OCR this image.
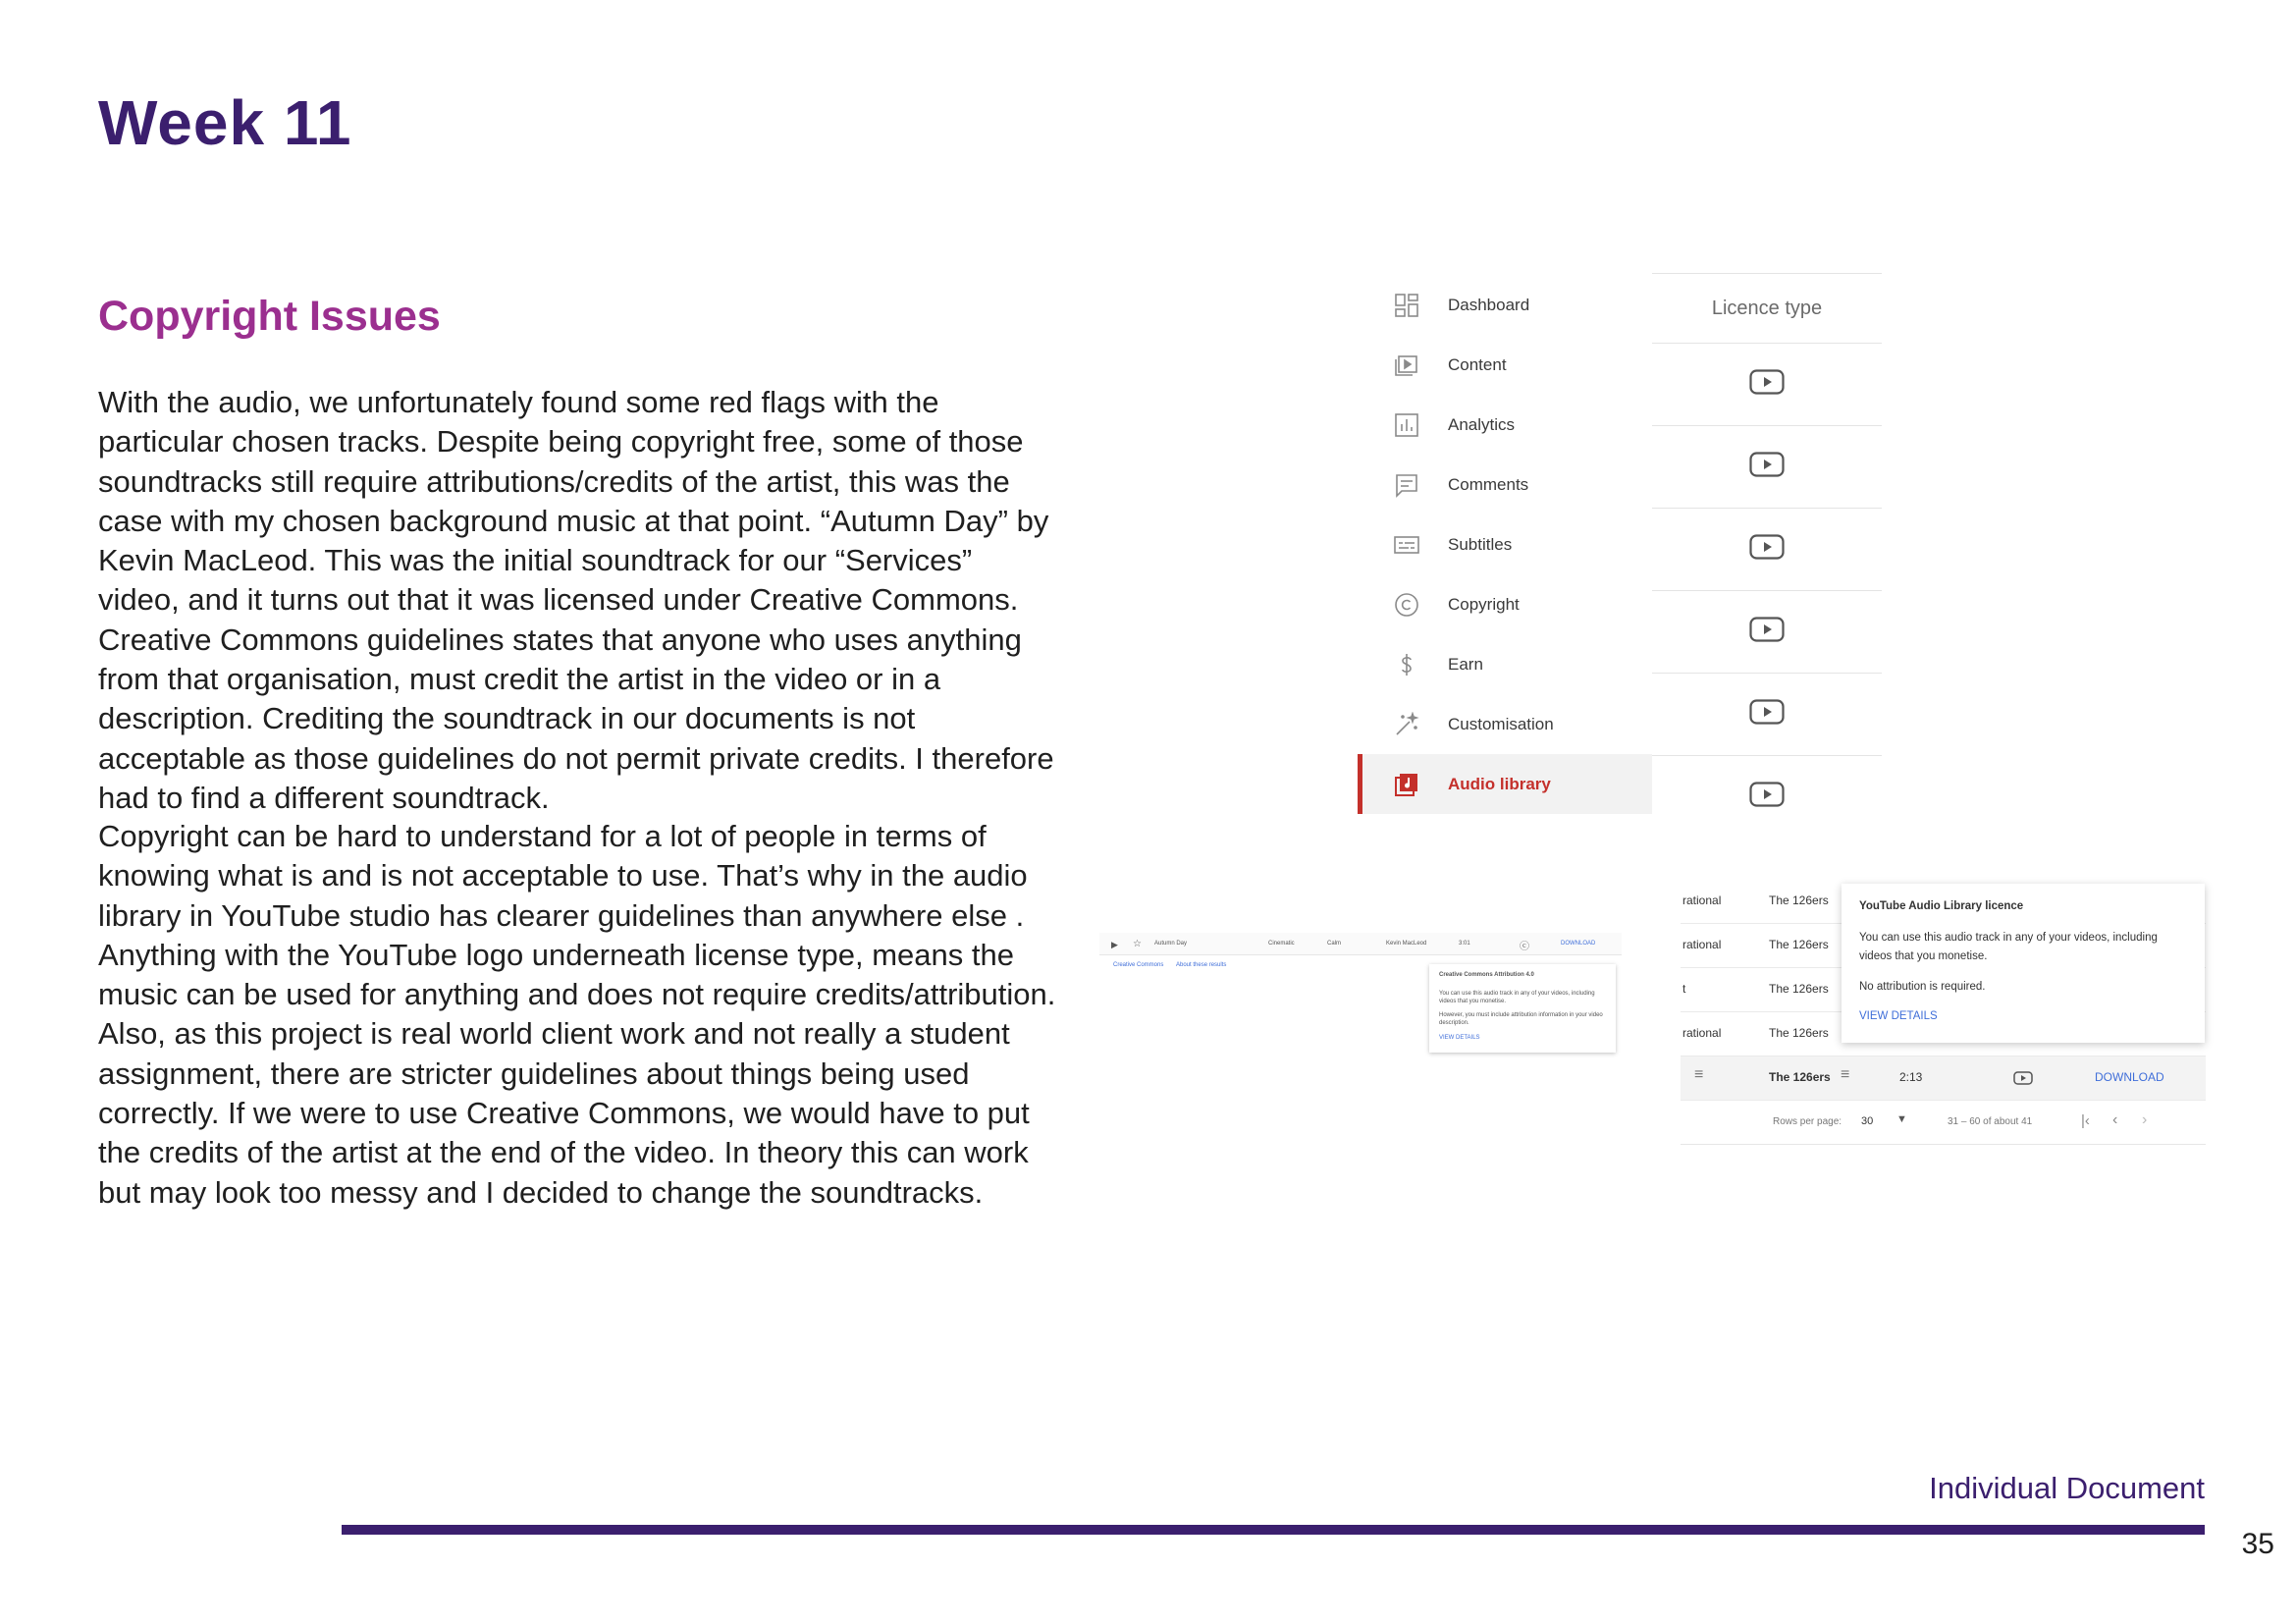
Week 11
Copyright Issues

With the audio, we unfortunately found some red flags with the particular chosen tracks. Despite being copyright free, some of those soundtracks still require attributions/credits of the artist, this was the case with my chosen background music at that point. “Autumn Day” by Kevin MacLeod. This was the initial soundtrack for our “Services” video, and it turns out that it was licensed under Creative Commons. Creative Commons guidelines states that anyone who uses anything from that organisation, must credit the artist in the video or in a description. Crediting the soundtrack in our documents is not acceptable as those guidelines do not permit private credits. I therefore had to find a different soundtrack.

Copyright can be hard to understand for a lot of people in terms of knowing what is and is not acceptable to use. That’s why in the audio library in YouTube studio has clearer guidelines than anywhere else . Anything with the YouTube logo underneath license type, means the music can be used for anything and does not require credits/attribution. Also, as this project is real world client work and not really a student assignment, there are stricter guidelines about things being used correctly. If we were to use Creative Commons, we would have to put the credits of the artist at the end of the video. In theory this can work but may look too messy and I decided to change the soundtracks.

Dashboard
Content
Analytics
Comments
Subtitles
Copyright
Earn
Customisation
Audio library
Licence type
▶ ☆ Autumn Day	Cinematic	Calm	Kevin MacLeod	3:01	ⓒ	DOWNLOAD
Creative Commons About these results
Creative Commons Attribution 4.0
You can use this audio track in any of your videos, including videos that you monetise.
However, you must include attribution information in your video description.
VIEW DETAILS
rational	The 126ers
rational	The 126ers
t	The 126ers
rational	The 126ers
≡	The 126ers ≡	2:13	DOWNLOAD
Rows per page: 30 ▼	31 – 60 of about 41	|‹ ‹ ›
YouTube Audio Library licence
You can use this audio track in any of your videos, including videos that you monetise.
No attribution is required.
VIEW DETAILS
Individual Document
35
